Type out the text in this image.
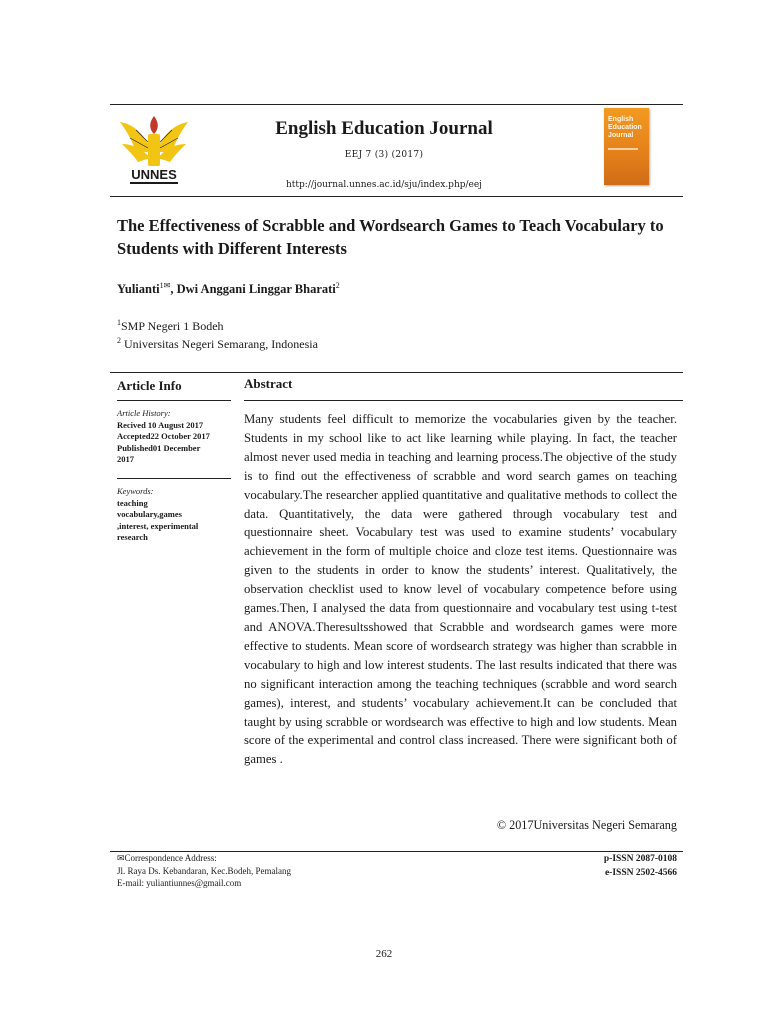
UNNES
English Education Journal
EEJ 7 (3) (2017)
http://journal.unnes.ac.id/sju/index.php/eej
English Education Journal
The Effectiveness of Scrabble and Wordsearch Games to Teach Vocabulary to Students with Different Interests
Yulianti$^{1✉}$, Dwi Anggani Linggar Bharati$^2$
$^1$SMP Negeri 1 Bodeh
$^2$ Universitas Negeri Semarang, Indonesia
Article Info
Article History:
Recived 10 August 2017
Accepted22 October 2017
Published01 December
2017
Keywords:
teaching
vocabulary,games
,interest, experimental
research
Abstract
Many students feel difficult to memorize the vocabularies given by the teacher. Students in my school like to act like learning while playing. In fact, the teacher almost never used media in teaching and learning process.The objective of the study is to find out the effectiveness of scrabble and word search games on teaching vocabulary.The researcher applied quantitative and qualitative methods to collect the data. Quantitatively, the data were gathered through vocabulary test and questionnaire sheet. Vocabulary test was used to examine students’ vocabulary achievement in the form of multiple choice and cloze test items. Questionnaire was given to the students in order to know the students’ interest. Qualitatively, the observation checklist used to know level of vocabulary competence before using games.Then, I analysed the data from questionnaire and vocabulary test using t-test and ANOVA.Theresultsshowed that Scrabble and wordsearch games were more effective to students. Mean score of wordsearch strategy was higher than scrabble in vocabulary to high and low interest students. The last results indicated that there was no significant interaction among the teaching techniques (scrabble and word search games), interest, and students’ vocabulary achievement.It can be concluded that taught by using scrabble or wordsearch was effective to high and low students. Mean score of the experimental and control class increased. There were significant both of games .
© 2017Universitas Negeri Semarang
✉Correspondence Address:
Jl. Raya Ds. Kebandaran, Kec.Bodeh, Pemalang
E-mail: yuliantiunnes@gmail.com
p-ISSN 2087-0108
e-ISSN 2502-4566
262
